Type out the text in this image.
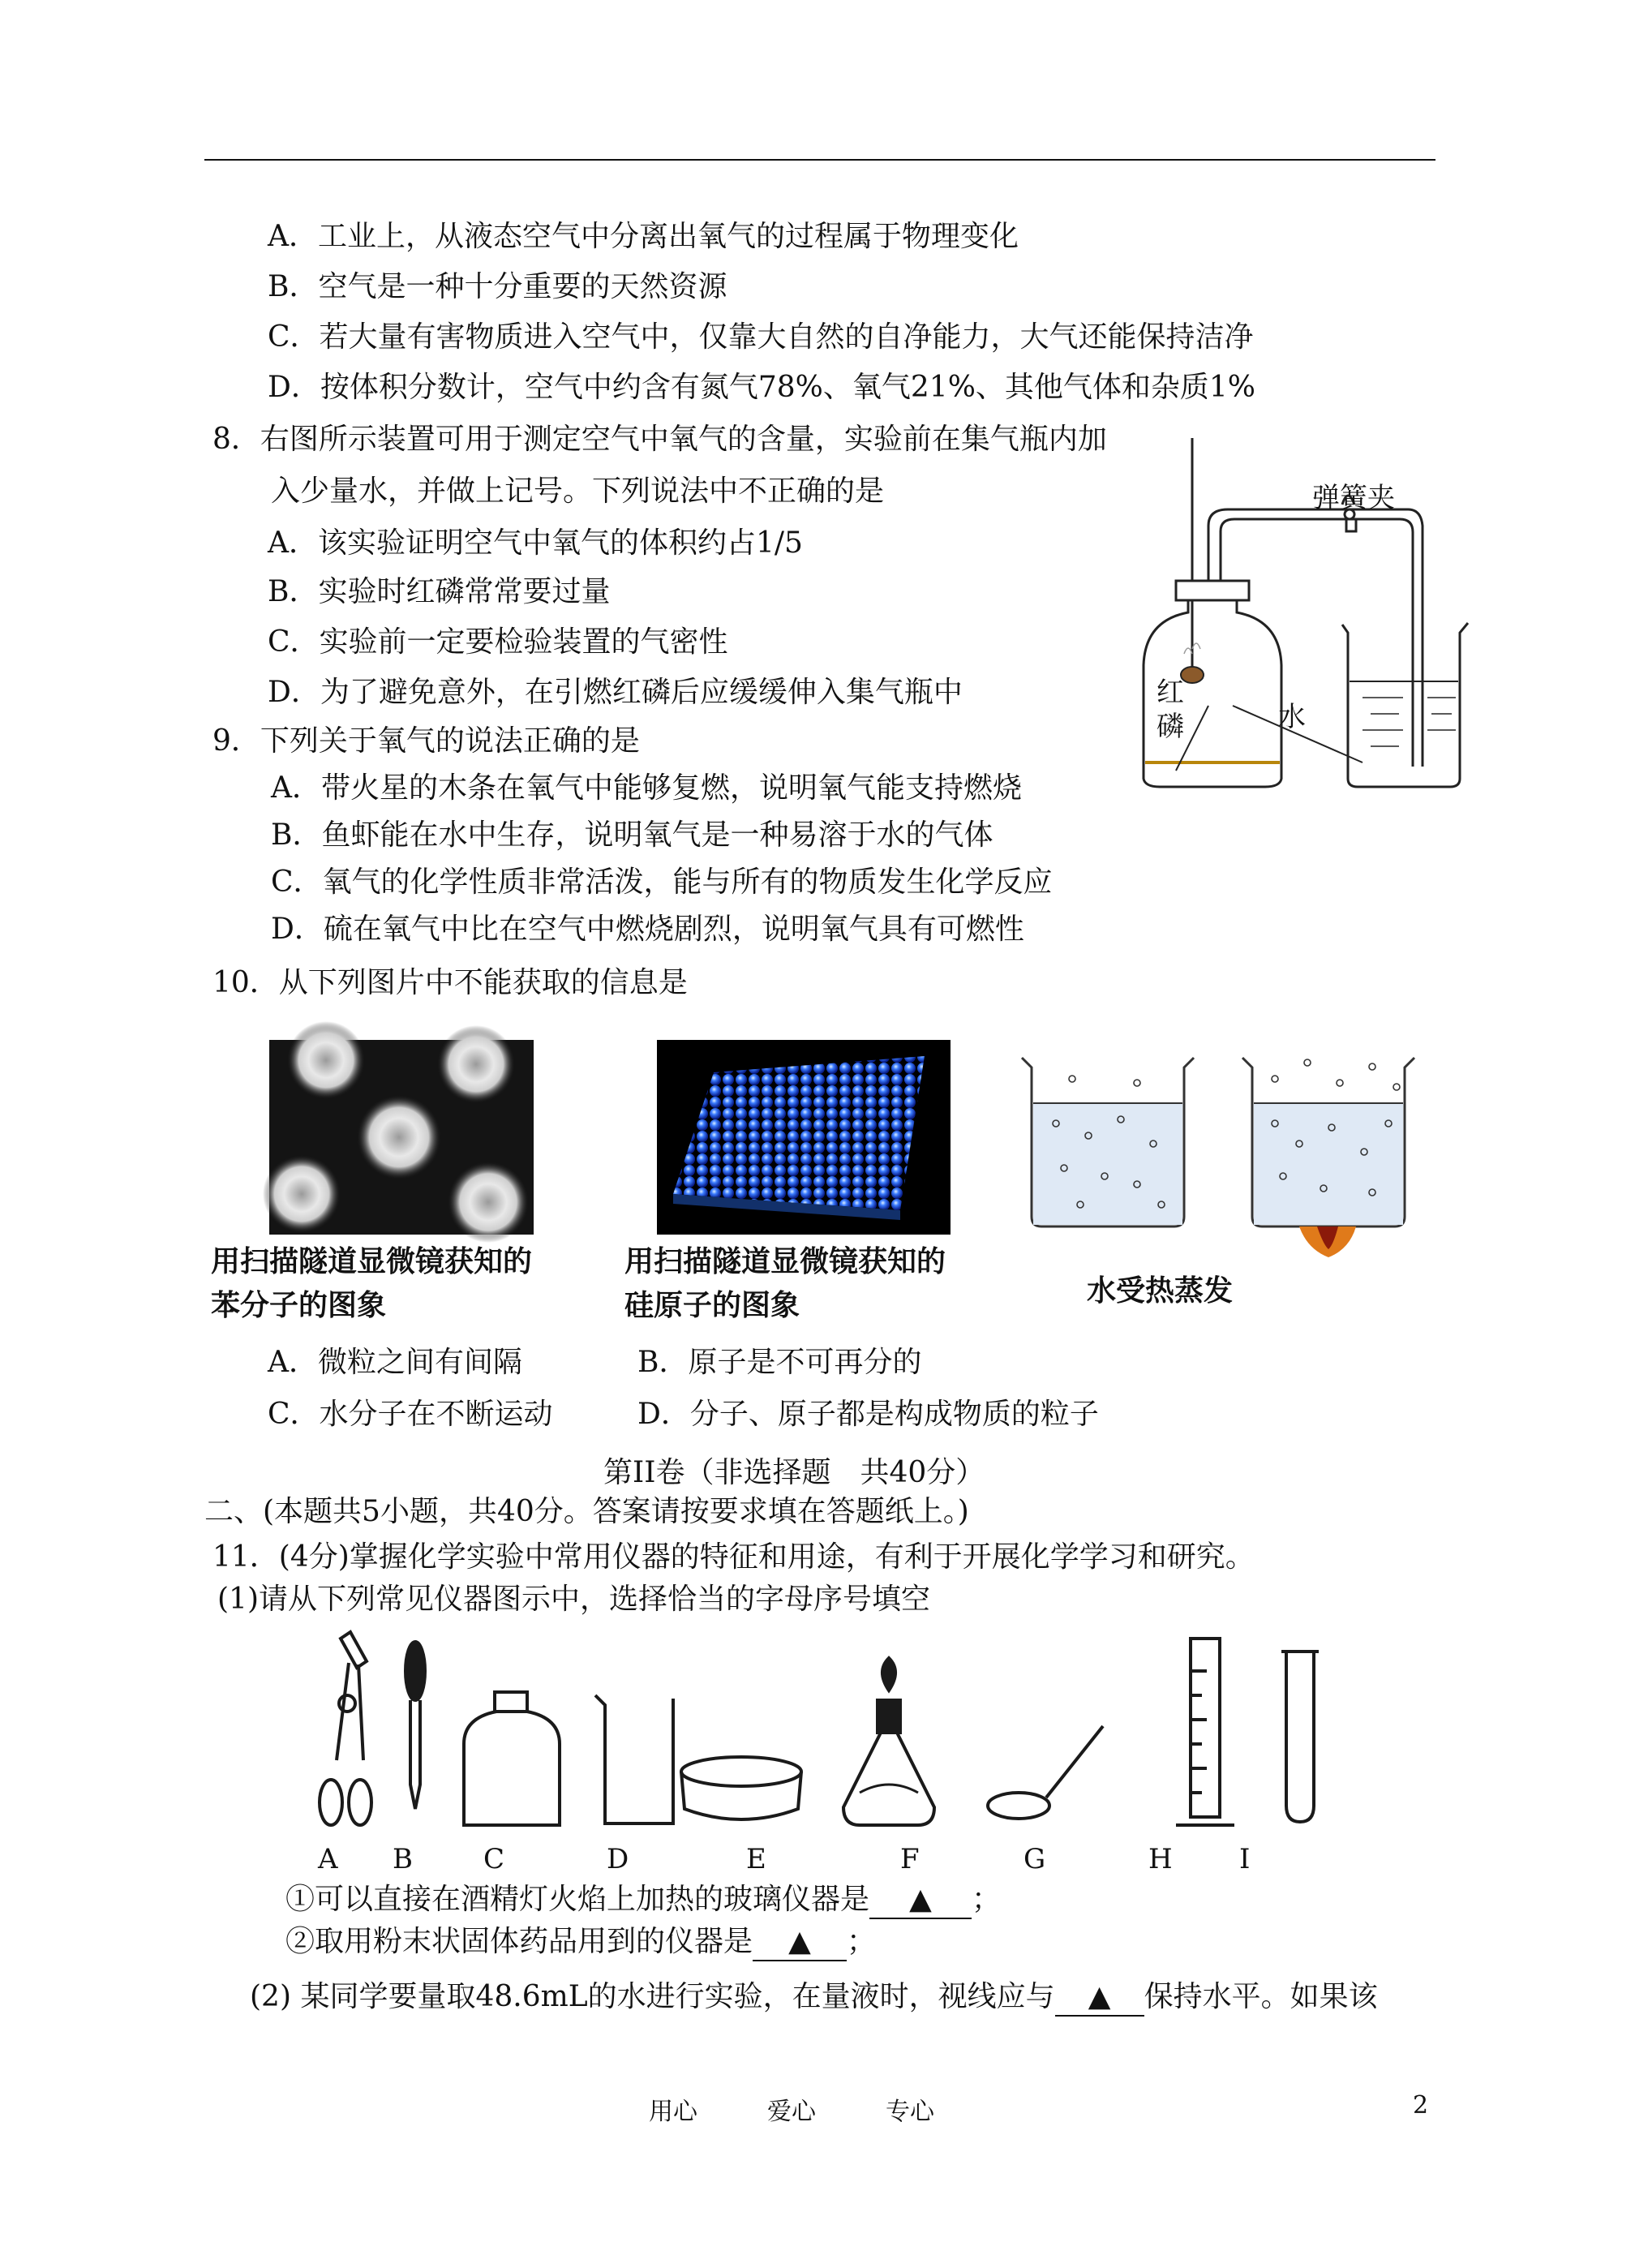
A．工业上，从液态空气中分离出氧气的过程属于物理变化
B．空气是一种十分重要的天然资源
C．若大量有害物质进入空气中，仅靠大自然的自净能力，大气还能保持洁净
D．按体积分数计，空气中约含有氮气78%、氧气21%、其他气体和杂质1%
8．右图所示装置可用于测定空气中氧气的含量，实验前在集气瓶内加
入少量水，并做上记号。下列说法中不正确的是
A．该实验证明空气中氧气的体积约占1/5
B．实验时红磷常常要过量
C．实验前一定要检验装置的气密性
D．为了避免意外，在引燃红磷后应缓缓伸入集气瓶中
弹簧夹
红
磷	水
9．下列关于氧气的说法正确的是
A．带火星的木条在氧气中能够复燃，说明氧气能支持燃烧
B．鱼虾能在水中生存，说明氧气是一种易溶于水的气体
C．氧气的化学性质非常活泼，能与所有的物质发生化学反应
D．硫在氧气中比在空气中燃烧剧烈，说明氧气具有可燃性
10．从下列图片中不能获取的信息是
用扫描隧道显微镜获知的
苯分子的图象
用扫描隧道显微镜获知的
硅原子的图象	水受热蒸发
A．微粒之间有间隔	B．原子是不可再分的
C．水分子在不断运动	D．分子、原子都是构成物质的粒子
第II卷（非选择题　共40分）
二、(本题共5小题，共40分。答案请按要求填在答题纸上。)
11．(4分)掌握化学实验中常用仪器的特征和用途，有利于开展化学学习和研究。
(1)请从下列常见仪器图示中，选择恰当的字母序号填空
A B	C	D	E	F	G	H I
①可以直接在酒精灯火焰上加热的玻璃仪器是 ▲ ；
②取用粉末状固体药品用到的仪器是 ▲ ；
(2) 某同学要量取48.6mL的水进行实验，在量液时，视线应与 ▲ 保持水平。如果该
用心	爱心	专心	2
